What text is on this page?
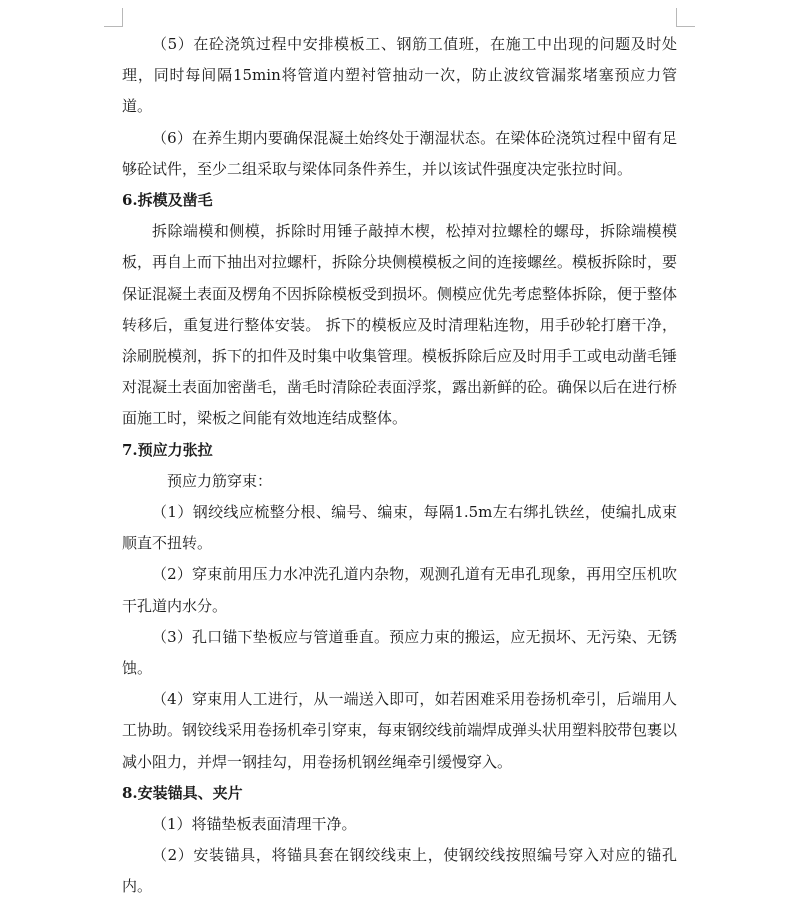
（5）在砼浇筑过程中安排模板工、钢筋工值班，在施工中出现的问题及时处理，同时每间隔15min将管道内塑衬管抽动一次，防止波纹管漏浆堵塞预应力管道。

（6）在养生期内要确保混凝土始终处于潮湿状态。在梁体砼浇筑过程中留有足够砼试件，至少二组采取与梁体同条件养生，并以该试件强度决定张拉时间。

6.拆模及凿毛

拆除端模和侧模，拆除时用锤子敲掉木楔，松掉对拉螺栓的螺母，拆除端模模板，再自上而下抽出对拉螺杆，拆除分块侧模模板之间的连接螺丝。模板拆除时，要保证混凝土表面及楞角不因拆除模板受到损坏。侧模应优先考虑整体拆除，便于整体转移后，重复进行整体安装。 拆下的模板应及时清理粘连物，用手砂轮打磨干净，涂刷脱模剂，拆下的扣件及时集中收集管理。模板拆除后应及时用手工或电动凿毛锤对混凝土表面加密凿毛，凿毛时清除砼表面浮浆，露出新鲜的砼。确保以后在进行桥面施工时，梁板之间能有效地连结成整体。

7.预应力张拉

预应力筋穿束：

（1）钢绞线应梳整分根、编号、编束，每隔1.5m左右绑扎铁丝，使编扎成束顺直不扭转。

（2）穿束前用压力水冲洗孔道内杂物，观测孔道有无串孔现象，再用空压机吹干孔道内水分。

（3）孔口锚下垫板应与管道垂直。预应力束的搬运，应无损坏、无污染、无锈蚀。

（4）穿束用人工进行，从一端送入即可，如若困难采用卷扬机牵引，后端用人工协助。钢铰线采用卷扬机牵引穿束，每束钢绞线前端焊成弹头状用塑料胶带包裹以减小阻力，并焊一钢挂勾，用卷扬机钢丝绳牵引缓慢穿入。

8.安装锚具、夹片

（1）将锚垫板表面清理干净。

（2）安装锚具，将锚具套在钢绞线束上，使钢绞线按照编号穿入对应的锚孔内。
